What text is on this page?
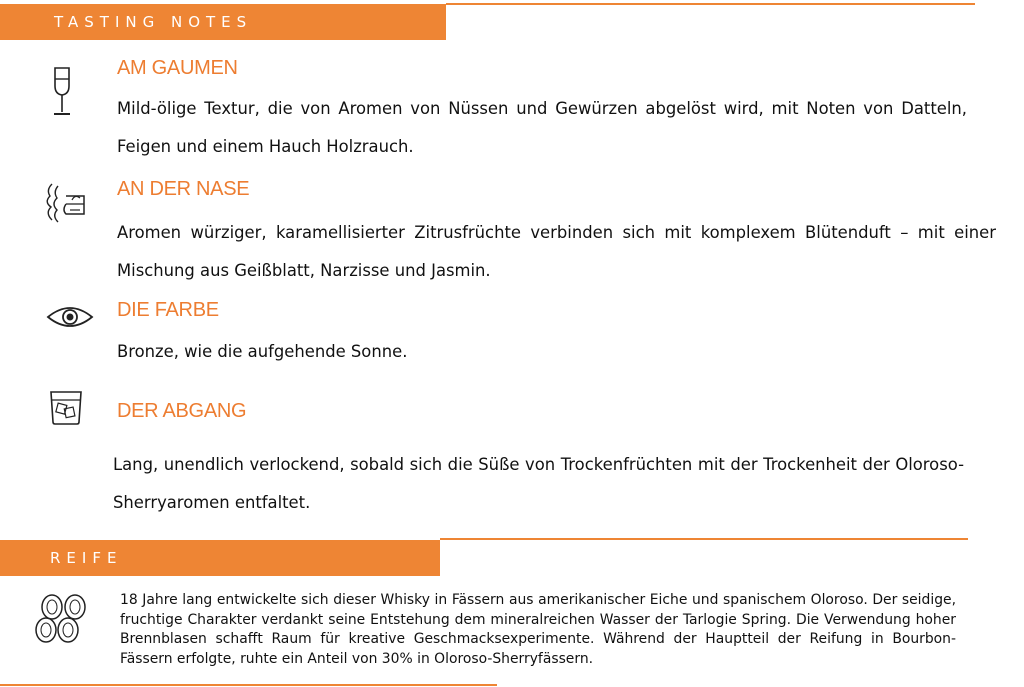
TASTING NOTES
AM GAUMEN
Mild-ölige Textur, die von Aromen von Nüssen und Gewürzen abgelöst wird, mit Noten von Datteln, Feigen und einem Hauch Holzrauch.
AN DER NASE
Aromen würziger, karamellisierter Zitrusfrüchte verbinden sich mit komplexem Blütenduft – mit einer Mischung aus Geißblatt, Narzisse und Jasmin.
DIE FARBE
Bronze, wie die aufgehende Sonne.
DER ABGANG
Lang, unendlich verlockend, sobald sich die Süße von Trockenfrüchten mit der Trockenheit der Oloroso-Sherryaromen entfaltet.
REIFE
18 Jahre lang entwickelte sich dieser Whisky in Fässern aus amerikanischer Eiche und spanischem Oloroso. Der seidige, fruchtige Charakter verdankt seine Entstehung dem mineralreichen Wasser der Tarlogie Spring. Die Verwendung hoher Brennblasen schafft Raum für kreative Geschmacksexperimente. Während der Hauptteil der Reifung in Bourbon-Fässern erfolgte, ruhte ein Anteil von 30% in Oloroso-Sherryfässern.
